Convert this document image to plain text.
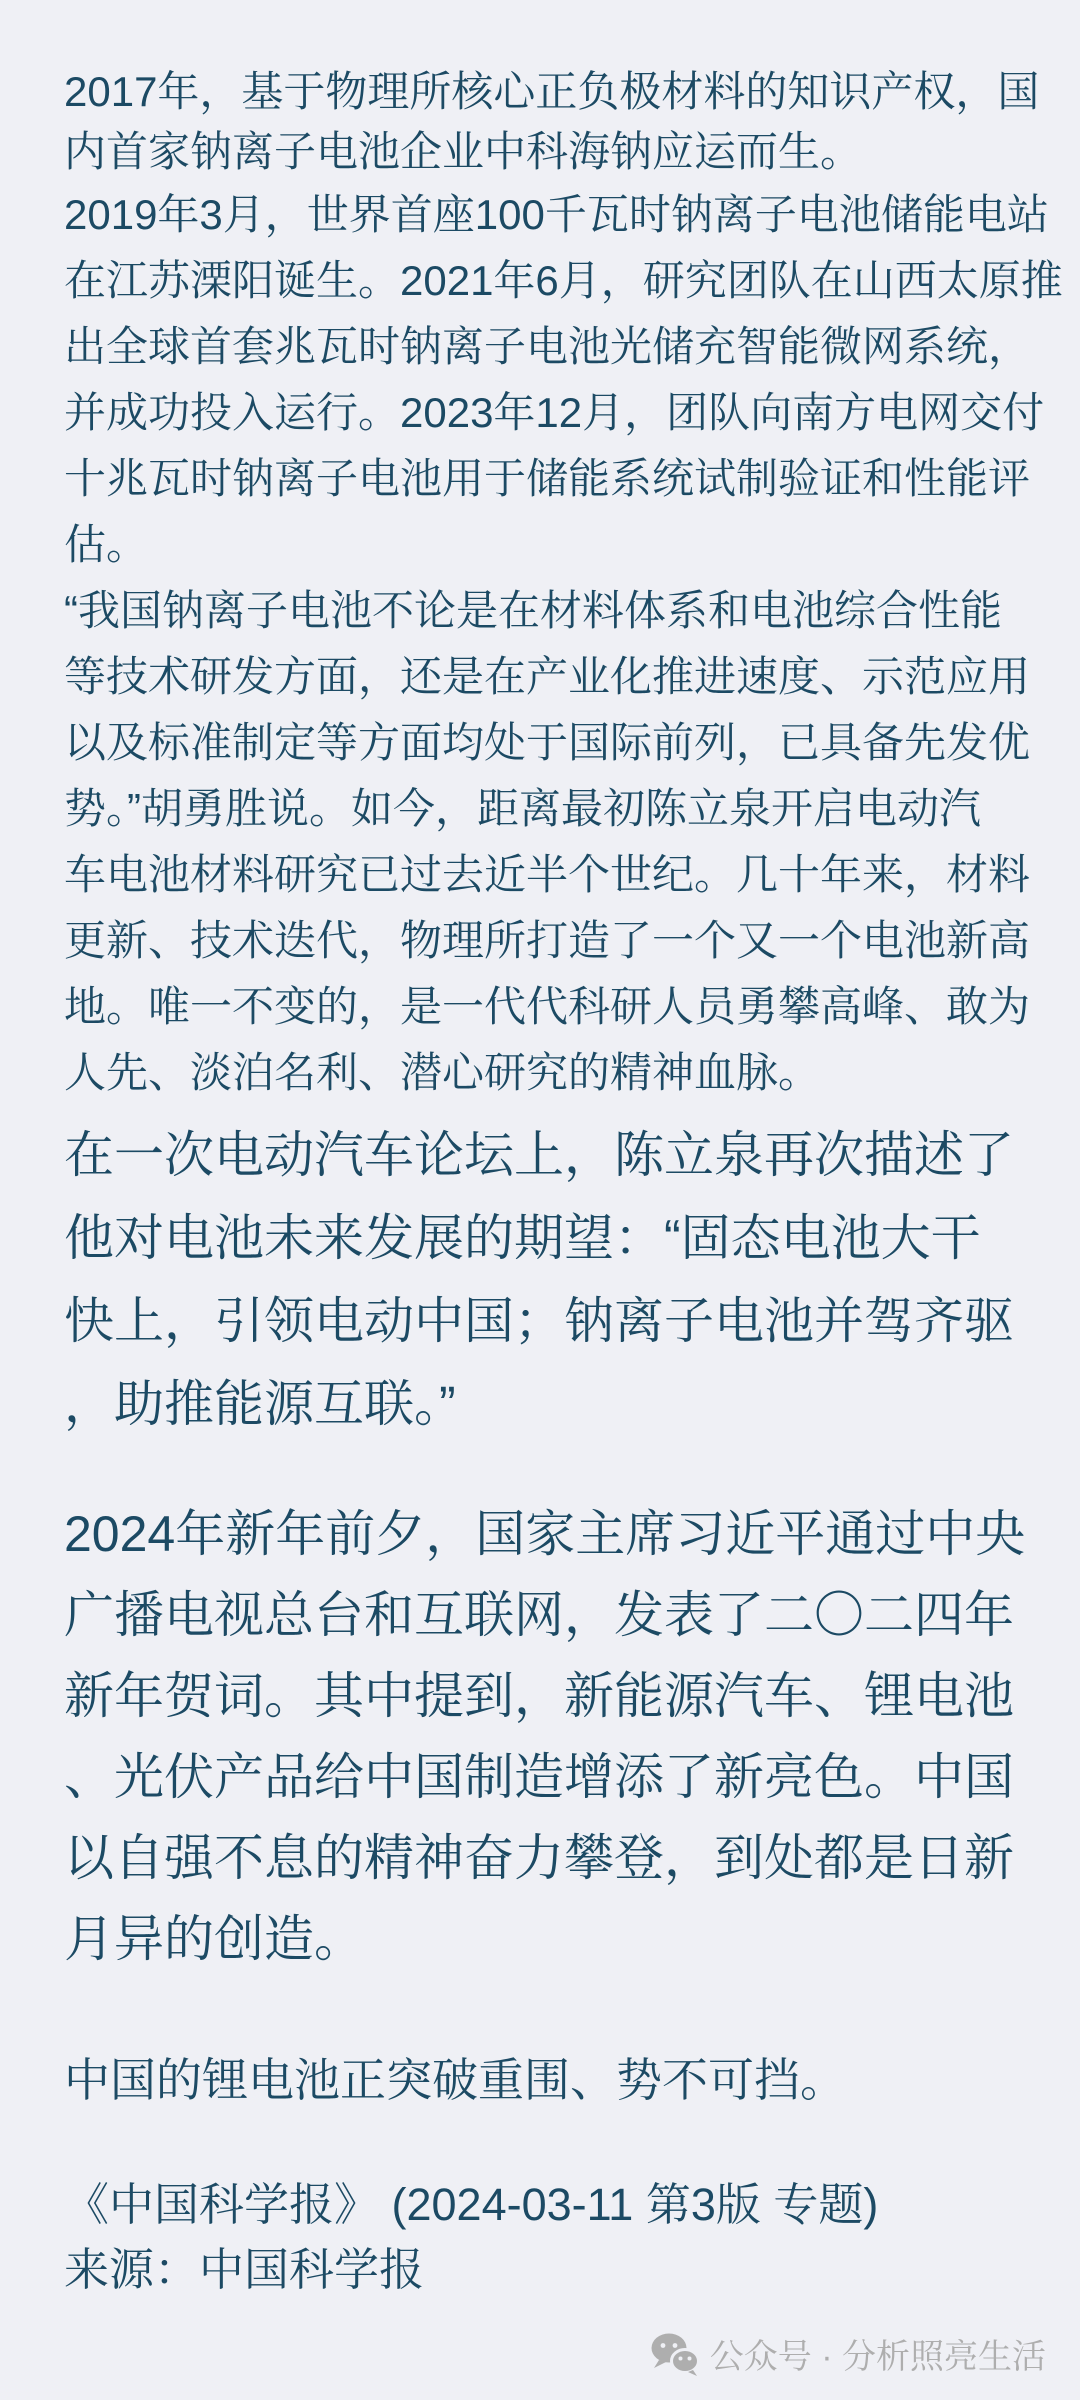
2017年，基于物理所核心正负极材料的知识产权，国
内首家钠离子电池企业中科海钠应运而生。
2019年3月，世界首座100千瓦时钠离子电池储能电站
在江苏溧阳诞生。2021年6月，研究团队在山西太原推
出全球首套兆瓦时钠离子电池光储充智能微网系统，
并成功投入运行。2023年12月，团队向南方电网交付
十兆瓦时钠离子电池用于储能系统试制验证和性能评
估。
“我国钠离子电池不论是在材料体系和电池综合性能
等技术研发方面，还是在产业化推进速度、示范应用
以及标准制定等方面均处于国际前列，已具备先发优
势。”胡勇胜说。如今，距离最初陈立泉开启电动汽
车电池材料研究已过去近半个世纪。几十年来，材料
更新、技术迭代，物理所打造了一个又一个电池新高
地。唯一不变的，是一代代科研人员勇攀高峰、敢为
人先、淡泊名利、潜心研究的精神血脉。
在一次电动汽车论坛上，陈立泉再次描述了
他对电池未来发展的期望：“固态电池大干
快上，引领电动中国；钠离子电池并驾齐驱
，助推能源互联。”
2024年新年前夕，国家主席习近平通过中央
广播电视总台和互联网，发表了二〇二四年
新年贺词。其中提到，新能源汽车、锂电池
、光伏产品给中国制造增添了新亮色。中国
以自强不息的精神奋力攀登，到处都是日新
月异的创造。
中国的锂电池正突破重围、势不可挡。
《中国科学报》 (2024-03-11 第3版 专题)
来源：中国科学报
公众号 · 分析照亮生活
